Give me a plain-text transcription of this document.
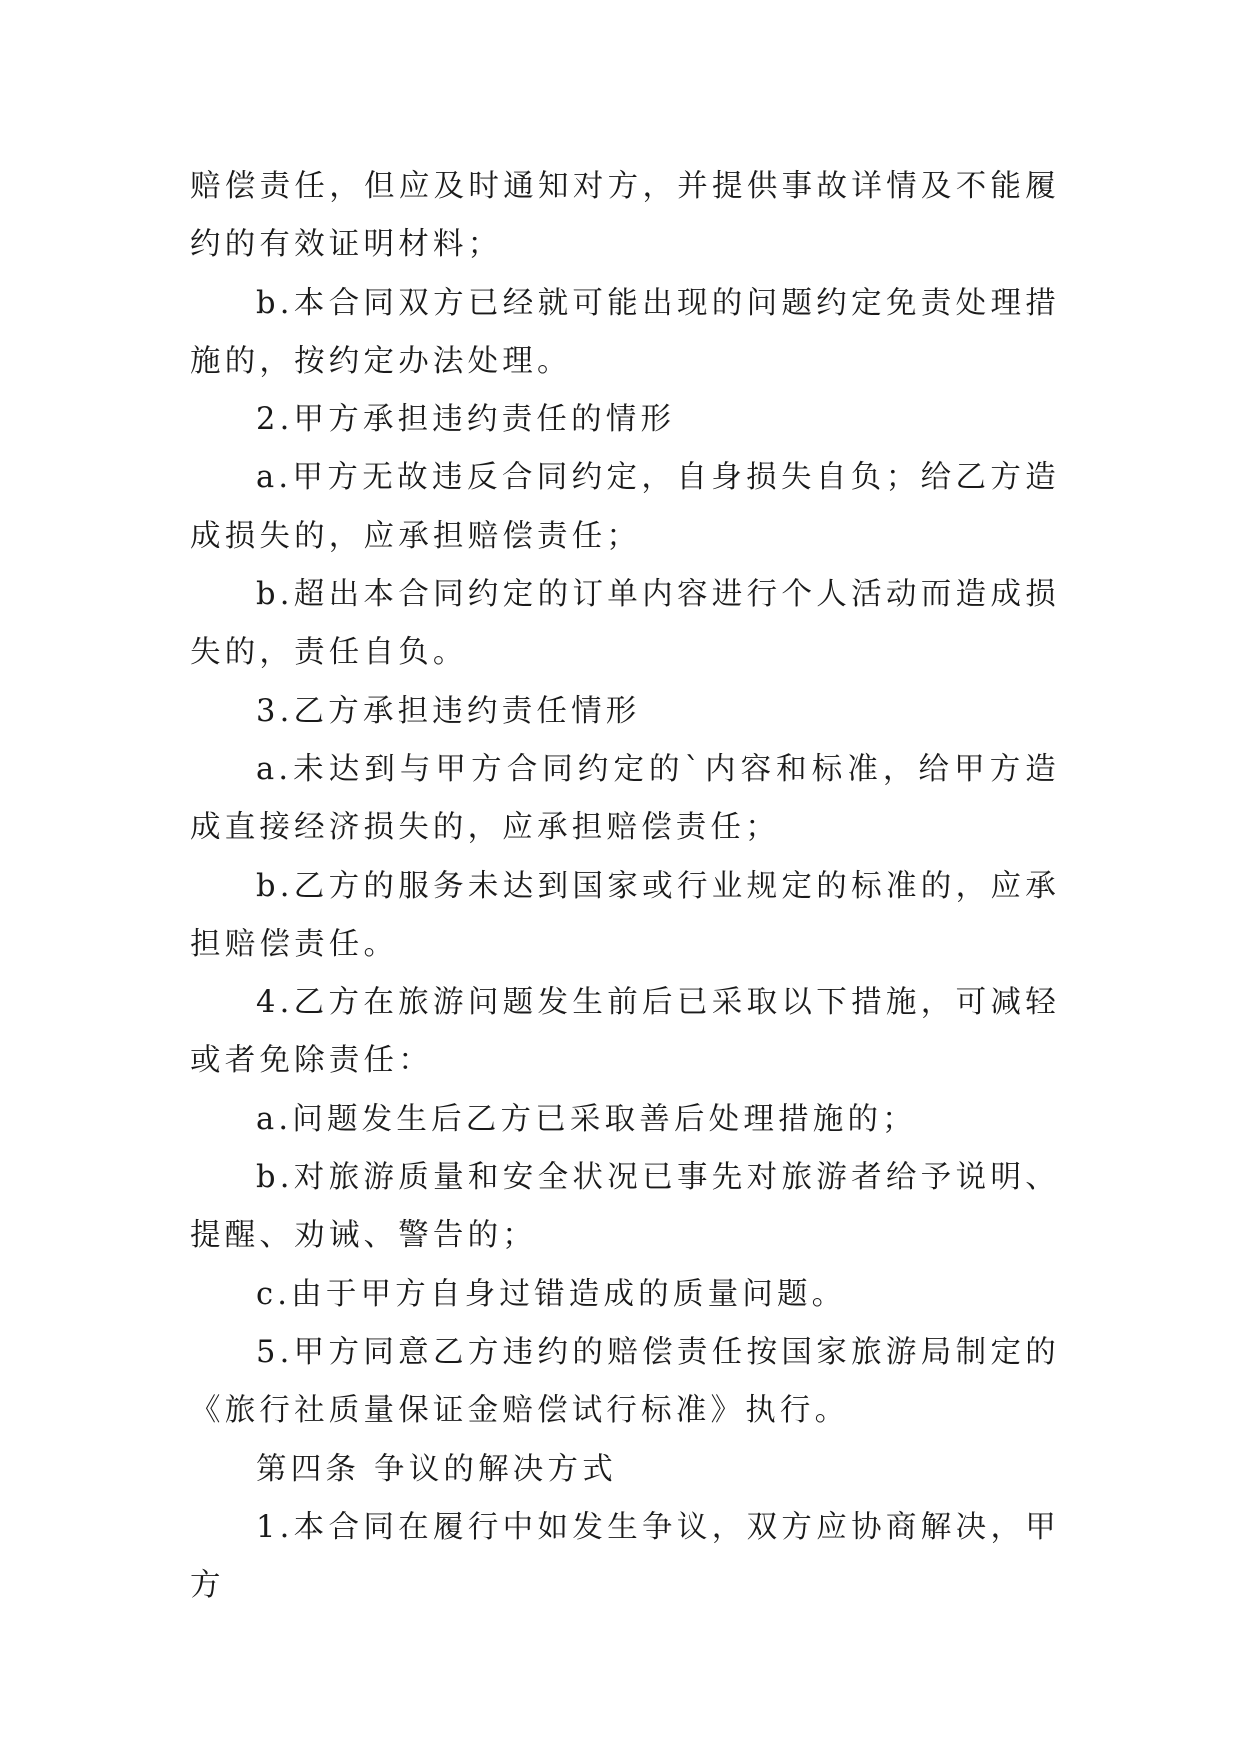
赔偿责任，但应及时通知对方，并提供事故详情及不能履约的有效证明材料；

b.本合同双方已经就可能出现的问题约定免责处理措施的，按约定办法处理。

2.甲方承担违约责任的情形

a.甲方无故违反合同约定，自身损失自负；给乙方造成损失的，应承担赔偿责任；

b.超出本合同约定的订单内容进行个人活动而造成损失的，责任自负。

3.乙方承担违约责任情形

a.未达到与甲方合同约定的`内容和标准，给甲方造成直接经济损失的，应承担赔偿责任；

b.乙方的服务未达到国家或行业规定的标准的，应承担赔偿责任。

4.乙方在旅游问题发生前后已采取以下措施，可减轻或者免除责任：

a.问题发生后乙方已采取善后处理措施的；

b.对旅游质量和安全状况已事先对旅游者给予说明、提醒、劝诫、警告的；

c.由于甲方自身过错造成的质量问题。

5.甲方同意乙方违约的赔偿责任按国家旅游局制定的《旅行社质量保证金赔偿试行标准》执行。

第四条 争议的解决方式

1.本合同在履行中如发生争议，双方应协商解决，甲方
